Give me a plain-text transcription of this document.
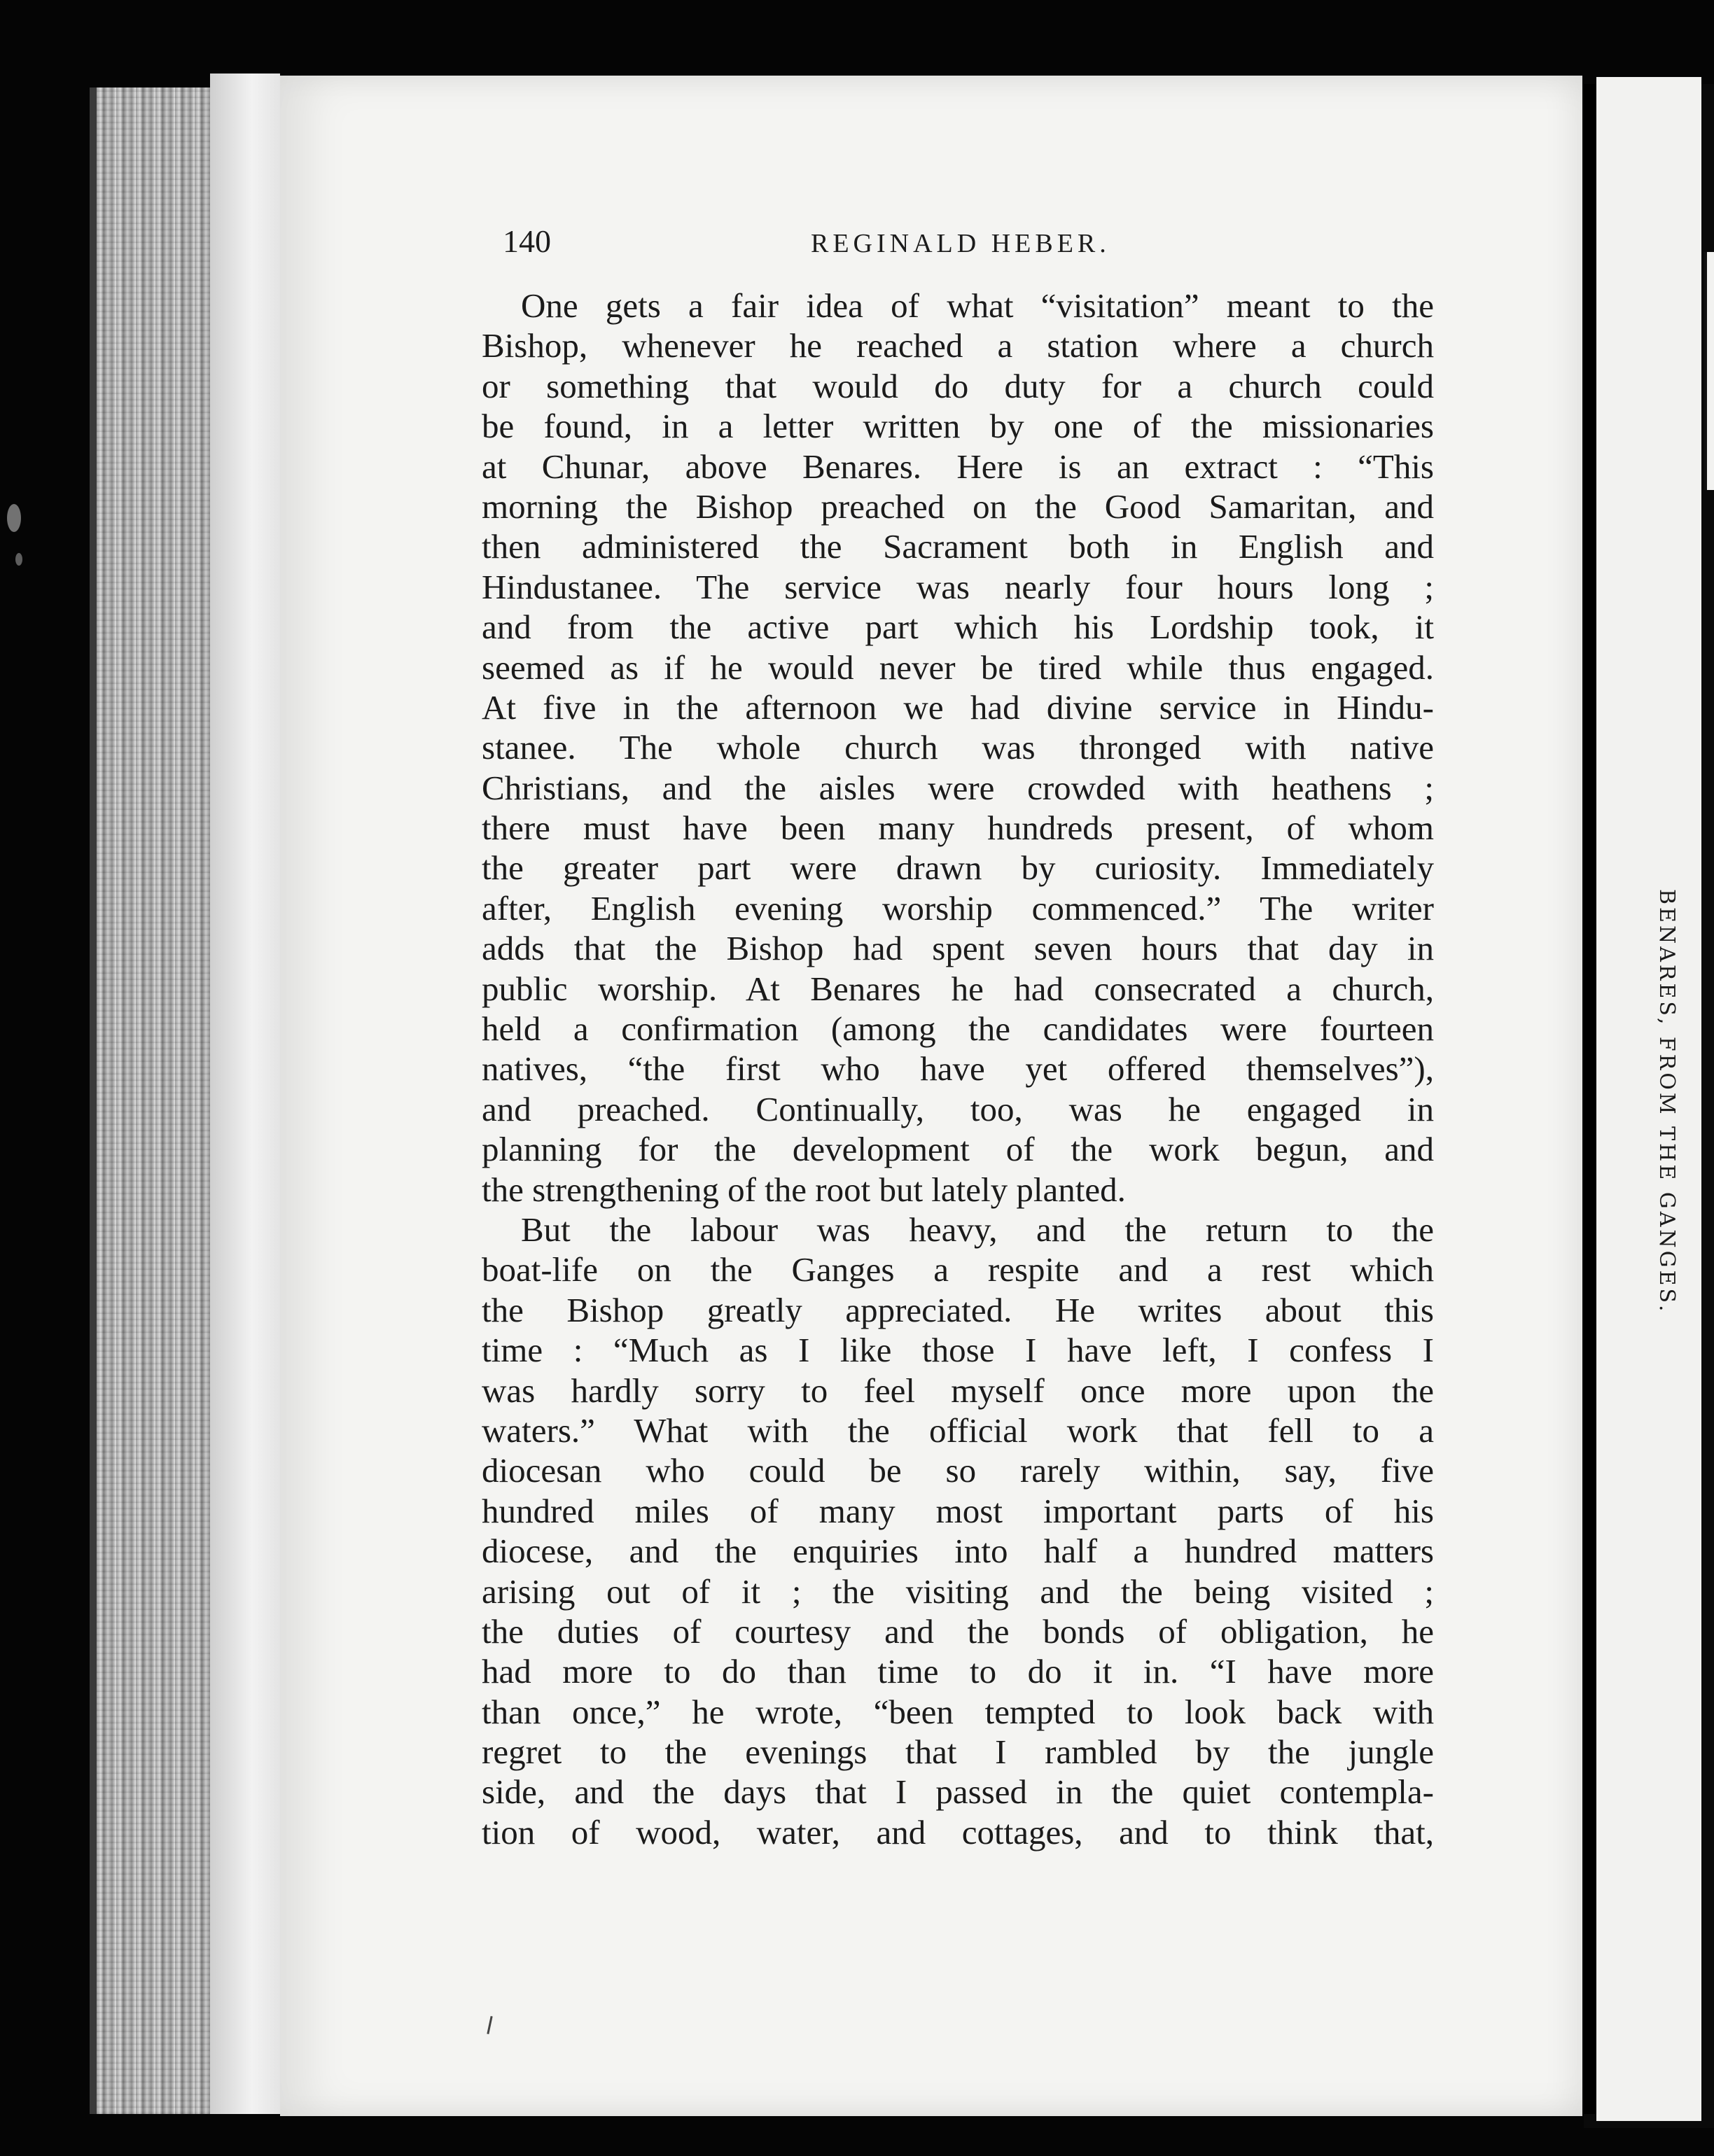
BENARES, FROM THE GANGES.
140	REGINALD HEBER.
One gets a fair idea of what “visitation” meant to the
Bishop, whenever he reached a station where a church
or something that would do duty for a church could
be found, in a letter written by one of the missionaries
at Chunar, above Benares. Here is an extract : “This
morning the Bishop preached on the Good Samaritan, and
then administered the Sacrament both in English and
Hindustanee. The service was nearly four hours long ;
and from the active part which his Lordship took, it
seemed as if he would never be tired while thus engaged.
At five in the afternoon we had divine service in Hindu-
stanee. The whole church was thronged with native
Christians, and the aisles were crowded with heathens ;
there must have been many hundreds present, of whom
the greater part were drawn by curiosity. Immediately
after, English evening worship commenced.” The writer
adds that the Bishop had spent seven hours that day in
public worship. At Benares he had consecrated a church,
held a confirmation (among the candidates were fourteen
natives, “the first who have yet offered themselves”),
and preached. Continually, too, was he engaged in
planning for the development of the work begun, and
the strengthening of the root but lately planted.
But the labour was heavy, and the return to the
boat-life on the Ganges a respite and a rest which
the Bishop greatly appreciated. He writes about this
time : “Much as I like those I have left, I confess I
was hardly sorry to feel myself once more upon the
waters.” What with the official work that fell to a
diocesan who could be so rarely within, say, five
hundred miles of many most important parts of his
diocese, and the enquiries into half a hundred matters
arising out of it ; the visiting and the being visited ;
the duties of courtesy and the bonds of obligation, he
had more to do than time to do it in. “I have more
than once,” he wrote, “been tempted to look back with
regret to the evenings that I rambled by the jungle
side, and the days that I passed in the quiet contempla-
tion of wood, water, and cottages, and to think that,
